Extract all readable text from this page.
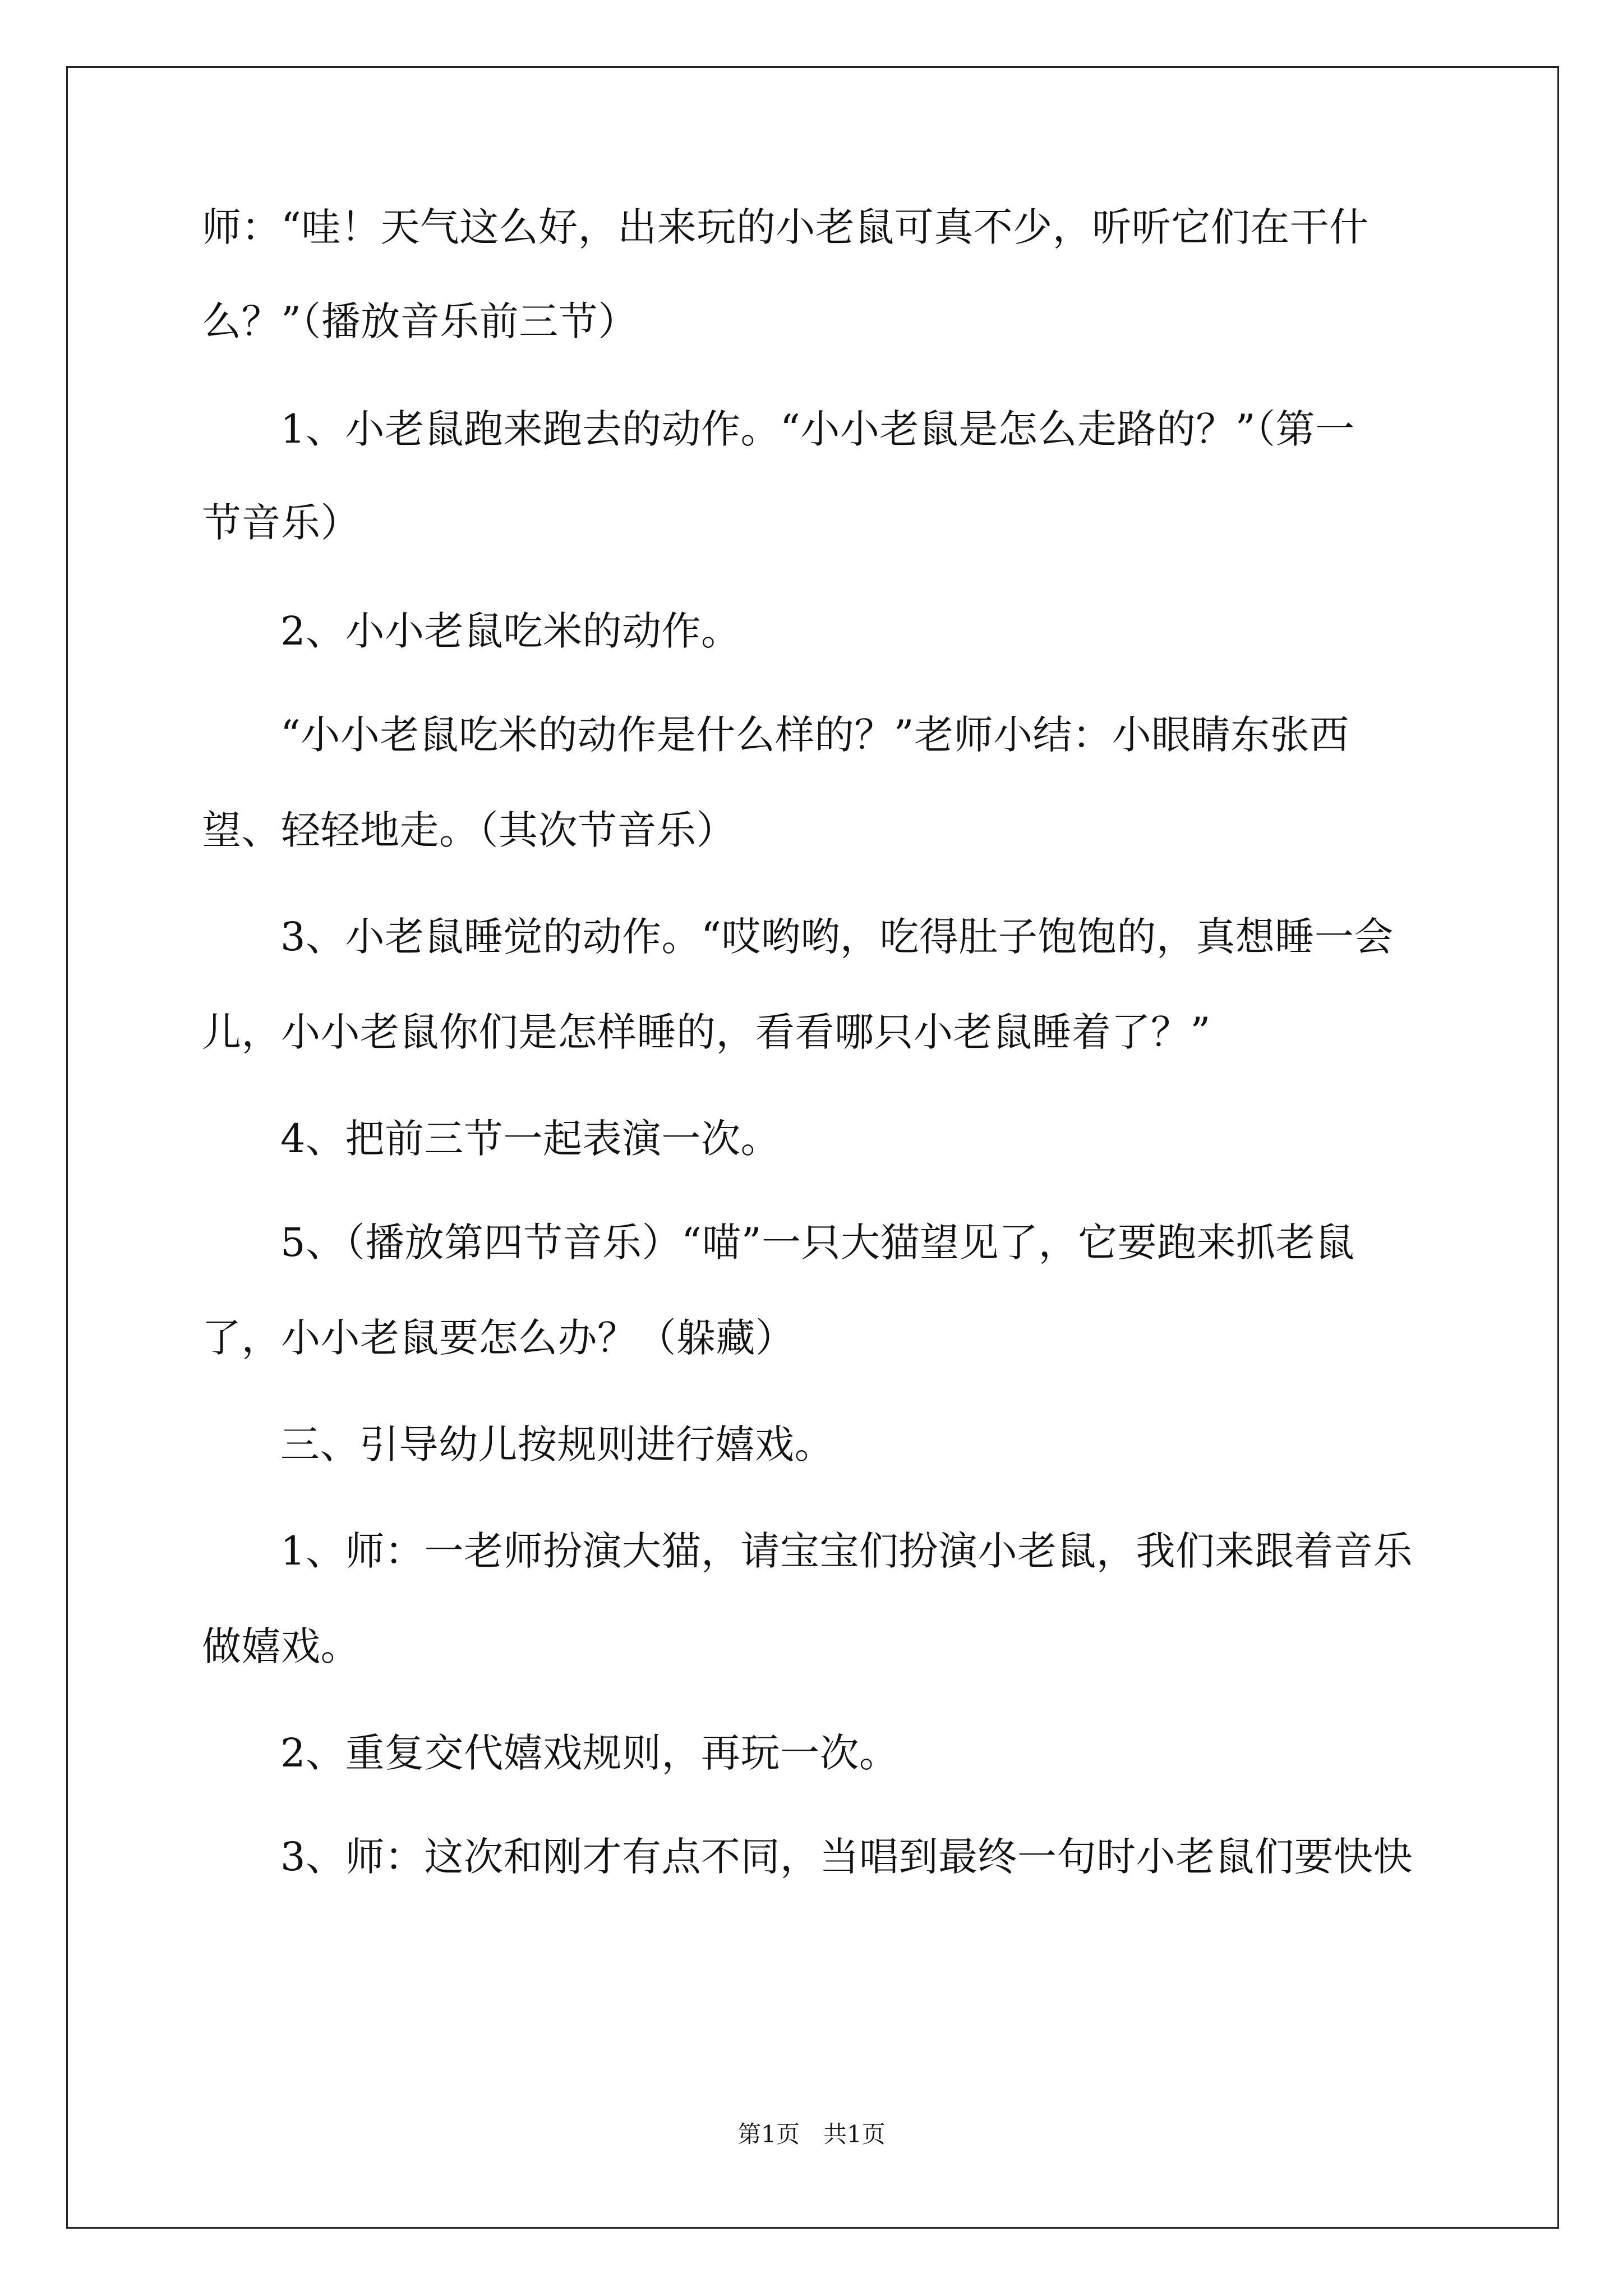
师：“哇！天气这么好，出来玩的小老鼠可真不少，听听它们在干什
么？”（播放音乐前三节）
1、小老鼠跑来跑去的动作。“小小老鼠是怎么走路的？”（第一
节音乐）
2、小小老鼠吃米的动作。
“小小老鼠吃米的动作是什么样的？”老师小结：小眼睛东张西
望、轻轻地走。（其次节音乐）
3、小老鼠睡觉的动作。“哎哟哟，吃得肚子饱饱的，真想睡一会
儿，小小老鼠你们是怎样睡的，看看哪只小老鼠睡着了？”
4、把前三节一起表演一次。
5、（播放第四节音乐）“喵”一只大猫望见了，它要跑来抓老鼠
了，小小老鼠要怎么办？（躲藏）
三、引导幼儿按规则进行嬉戏。
1、师：一老师扮演大猫，请宝宝们扮演小老鼠，我们来跟着音乐
做嬉戏。
2、重复交代嬉戏规则，再玩一次。
3、师：这次和刚才有点不同，当唱到最终一句时小老鼠们要快快
第1页　共1页
